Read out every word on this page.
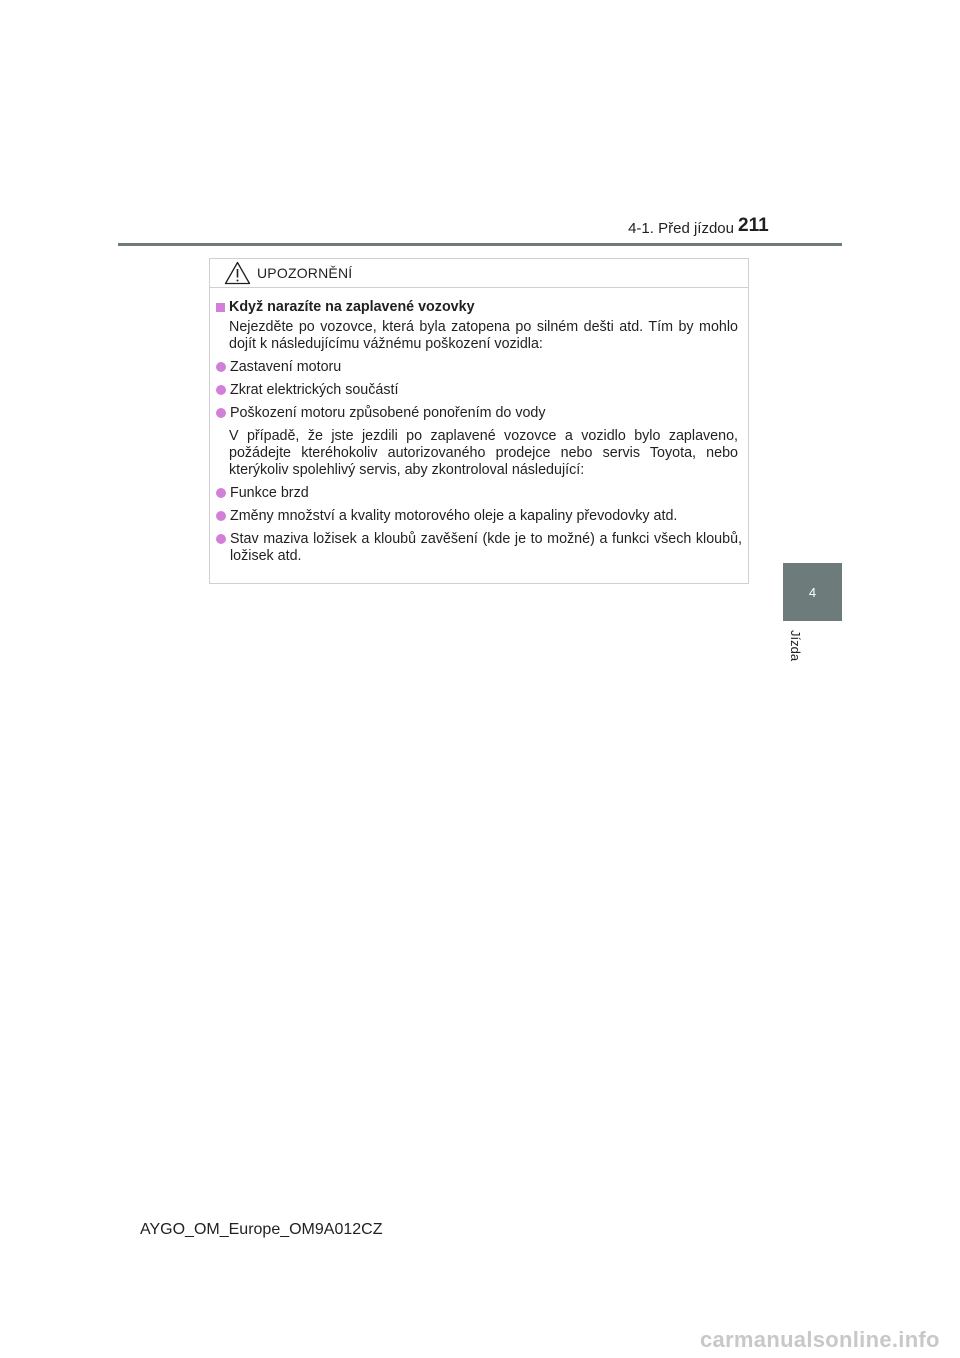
4-1. Před jízdou 211
4
Jízda
UPOZORNĚNÍ
Když narazíte na zaplavené vozovky
Nejezděte po vozovce, která byla zatopena po silném dešti atd. Tím by mohlo dojít k následujícímu vážnému poškození vozidla:
Zastavení motoru
Zkrat elektrických součástí
Poškození motoru způsobené ponořením do vody
V případě, že jste jezdili po zaplavené vozovce a vozidlo bylo zaplaveno, požádejte kteréhokoliv autorizovaného prodejce nebo servis Toyota, nebo kterýkoliv spolehlivý servis, aby zkontroloval následující:
Funkce brzd
Změny množství a kvality motorového oleje a kapaliny převodovky atd.
Stav maziva ložisek a kloubů zavěšení (kde je to možné) a funkci všech kloubů, ložisek atd.
AYGO_OM_Europe_OM9A012CZ
carmanualsonline.info
